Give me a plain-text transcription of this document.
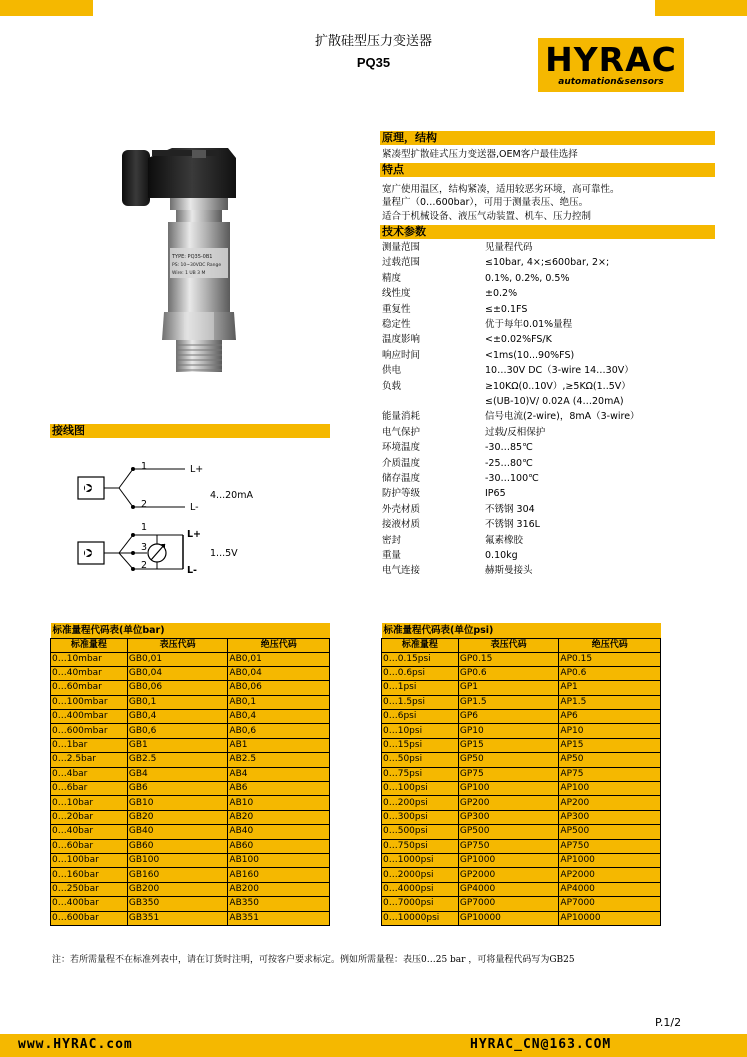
扩散硅型压力变送器
PQ35	HYRAC
automation&sensors
TYPE: PQ35-0B1
PS: 10~30VDC Range
Wire: 1 UB 3 M
原理，结构
紧凑型扩散硅式压力变送器,OEM客户最佳选择
特点
宽广使用温区，结构紧凑，适用较恶劣环境，高可靠性。
量程广（0…600bar），可用于测量表压、绝压。
适合于机械设备、液压气动装置、机车、压力控制
技术参数
测量范围	见量程代码
过载范围	≤10bar, 4×;≤600bar, 2×;
精度	0.1%, 0.2%, 0.5%
线性度	±0.2%
重复性	≤±0.1FS
稳定性	优于每年0.01%量程
温度影响	<±0.02%FS/K
响应时间	<1ms(10...90%FS)
供电	10…30V DC（3-wire 14…30V）
负载	≥10KΩ(0..10V）,≥5KΩ(1..5V）
≤(UB-10)V/ 0.02A (4…20mA)
能量消耗	信号电流(2-wire)，8mA（3-wire）
电气保护	过载/反相保护
环境温度	-30…85℃
介质温度	-25…80℃
储存温度	-30…100℃
防护等级	IP65
外壳材质	不锈钢 304
接液材质	不锈钢 316L
密封	氟素橡胶
重量	0.10kg
电气连接	赫斯曼接头
接线图
1
2
L+
L-
4...20mA
1
3
2
L+
L-
1...5V
标准量程代码表(单位bar)		
标准量程	表压代码	绝压代码
0…10mbar	GB0,01	AB0,01
0…40mbar	GB0,04	AB0,04
0…60mbar	GB0,06	AB0,06
0…100mbar	GB0,1	AB0,1
0…400mbar	GB0,4	AB0,4
0…600mbar	GB0,6	AB0,6
0…1bar	GB1	AB1
0…2.5bar	GB2.5	AB2.5
0…4bar	GB4	AB4
0…6bar	GB6	AB6
0…10bar	GB10	AB10
0…20bar	GB20	AB20
0…40bar	GB40	AB40
0…60bar	GB60	AB60
0…100bar	GB100	AB100
0…160bar	GB160	AB160
0…250bar	GB200	AB200
0…400bar	GB350	AB350
0…600bar	GB351	AB351
标准量程代码表(单位psi)		
标准量程	表压代码	绝压代码
0…0.15psi	GP0.15	AP0.15
0…0.6psi	GP0.6	AP0.6
0…1psi	GP1	AP1
0…1.5psi	GP1.5	AP1.5
0…6psi	GP6	AP6
0…10psi	GP10	AP10
0…15psi	GP15	AP15
0…50psi	GP50	AP50
0…75psi	GP75	AP75
0…100psi	GP100	AP100
0…200psi	GP200	AP200
0…300psi	GP300	AP300
0…500psi	GP500	AP500
0…750psi	GP750	AP750
0…1000psi	GP1000	AP1000
0…2000psi	GP2000	AP2000
0…4000psi	GP4000	AP4000
0…7000psi	GP7000	AP7000
0…10000psi	GP10000	AP10000
注：若所需量程不在标准列表中，请在订货时注明，可按客户要求标定。例如所需量程：表压0…25 bar ，可将量程代码写为GB25
P.1/2
www.HYRAC.com	HYRAC_CN@163.COM
